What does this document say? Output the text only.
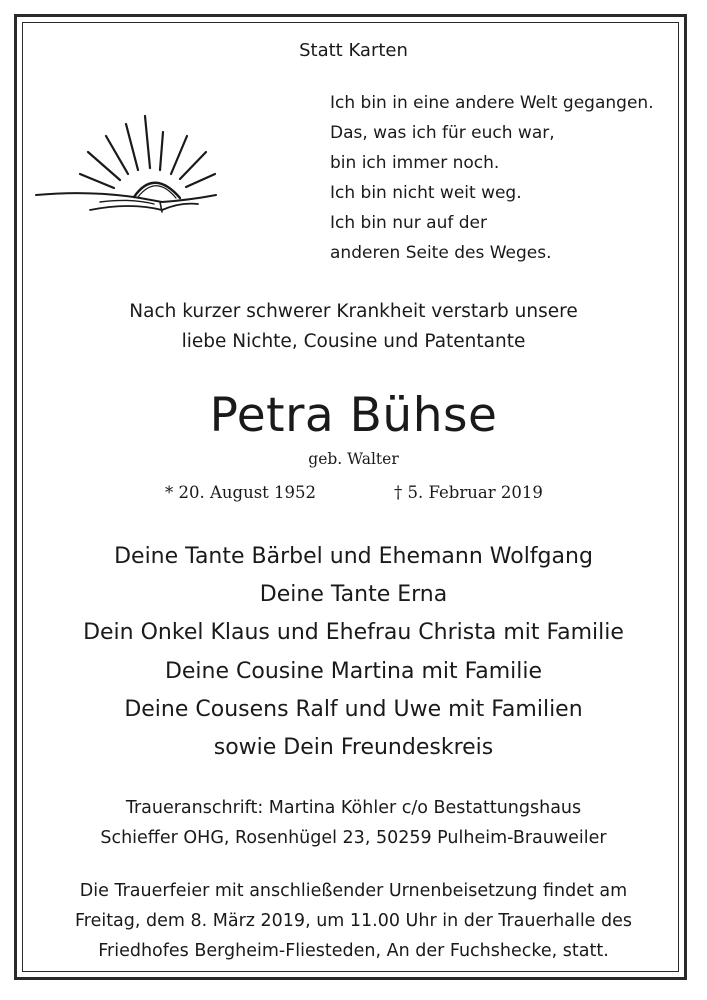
Statt Karten
Ich bin in eine andere Welt gegangen.
Das, was ich für euch war,
bin ich immer noch.
Ich bin nicht weit weg.
Ich bin nur auf der
anderen Seite des Weges.
Nach kurzer schwerer Krankheit verstarb unsere
liebe Nichte, Cousine und Patentante
Petra Bühse
geb. Walter
* 20. August 1952	† 5. Februar 2019
Deine Tante Bärbel und Ehemann Wolfgang
Deine Tante Erna
Dein Onkel Klaus und Ehefrau Christa mit Familie
Deine Cousine Martina mit Familie
Deine Cousens Ralf und Uwe mit Familien
sowie Dein Freundeskreis
Traueranschrift: Martina Köhler c/o Bestattungshaus
Schieffer OHG, Rosenhügel 23, 50259 Pulheim-Brauweiler
Die Trauerfeier mit anschließender Urnenbeisetzung findet am
Freitag, dem 8. März 2019, um 11.00 Uhr in der Trauerhalle des
Friedhofes Bergheim-Fliesteden, An der Fuchshecke, statt.
